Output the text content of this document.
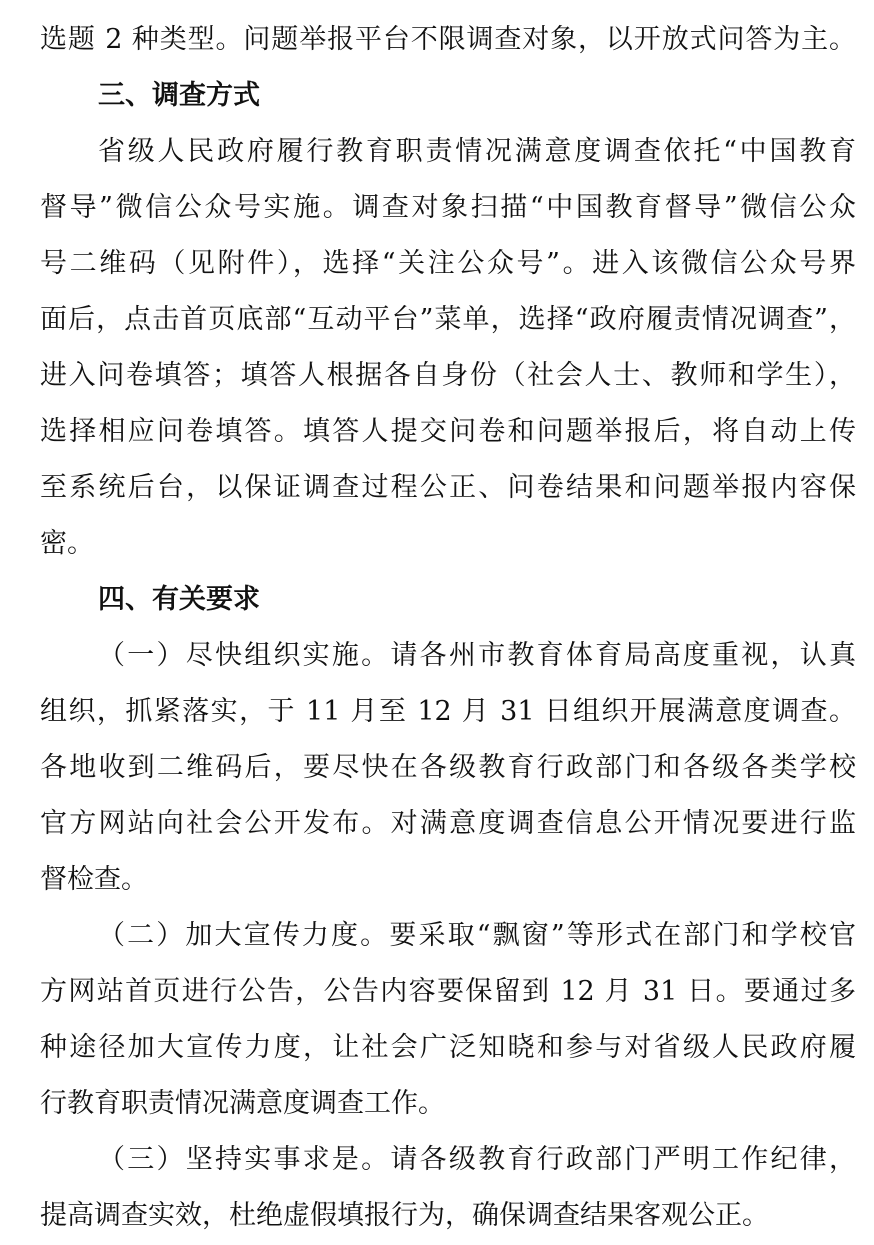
选题 2 种类型。问题举报平台不限调查对象，以开放式问答为主。
三、调查方式
省级人民政府履行教育职责情况满意度调查依托“中国教育
督导”微信公众号实施。调查对象扫描“中国教育督导”微信公众
号二维码（见附件），选择“关注公众号”。进入该微信公众号界
面后，点击首页底部“互动平台”菜单，选择“政府履责情况调查”，
进入问卷填答；填答人根据各自身份（社会人士、教师和学生），
选择相应问卷填答。填答人提交问卷和问题举报后，将自动上传
至系统后台，以保证调查过程公正、问卷结果和问题举报内容保
密。
四、有关要求
（一）尽快组织实施。请各州市教育体育局高度重视，认真
组织，抓紧落实，于 11 月至 12 月 31 日组织开展满意度调查。
各地收到二维码后，要尽快在各级教育行政部门和各级各类学校
官方网站向社会公开发布。对满意度调查信息公开情况要进行监
督检查。
（二）加大宣传力度。要采取“飘窗”等形式在部门和学校官
方网站首页进行公告，公告内容要保留到 12 月 31 日。要通过多
种途径加大宣传力度，让社会广泛知晓和参与对省级人民政府履
行教育职责情况满意度调查工作。
（三）坚持实事求是。请各级教育行政部门严明工作纪律，
提高调查实效，杜绝虚假填报行为，确保调查结果客观公正。
